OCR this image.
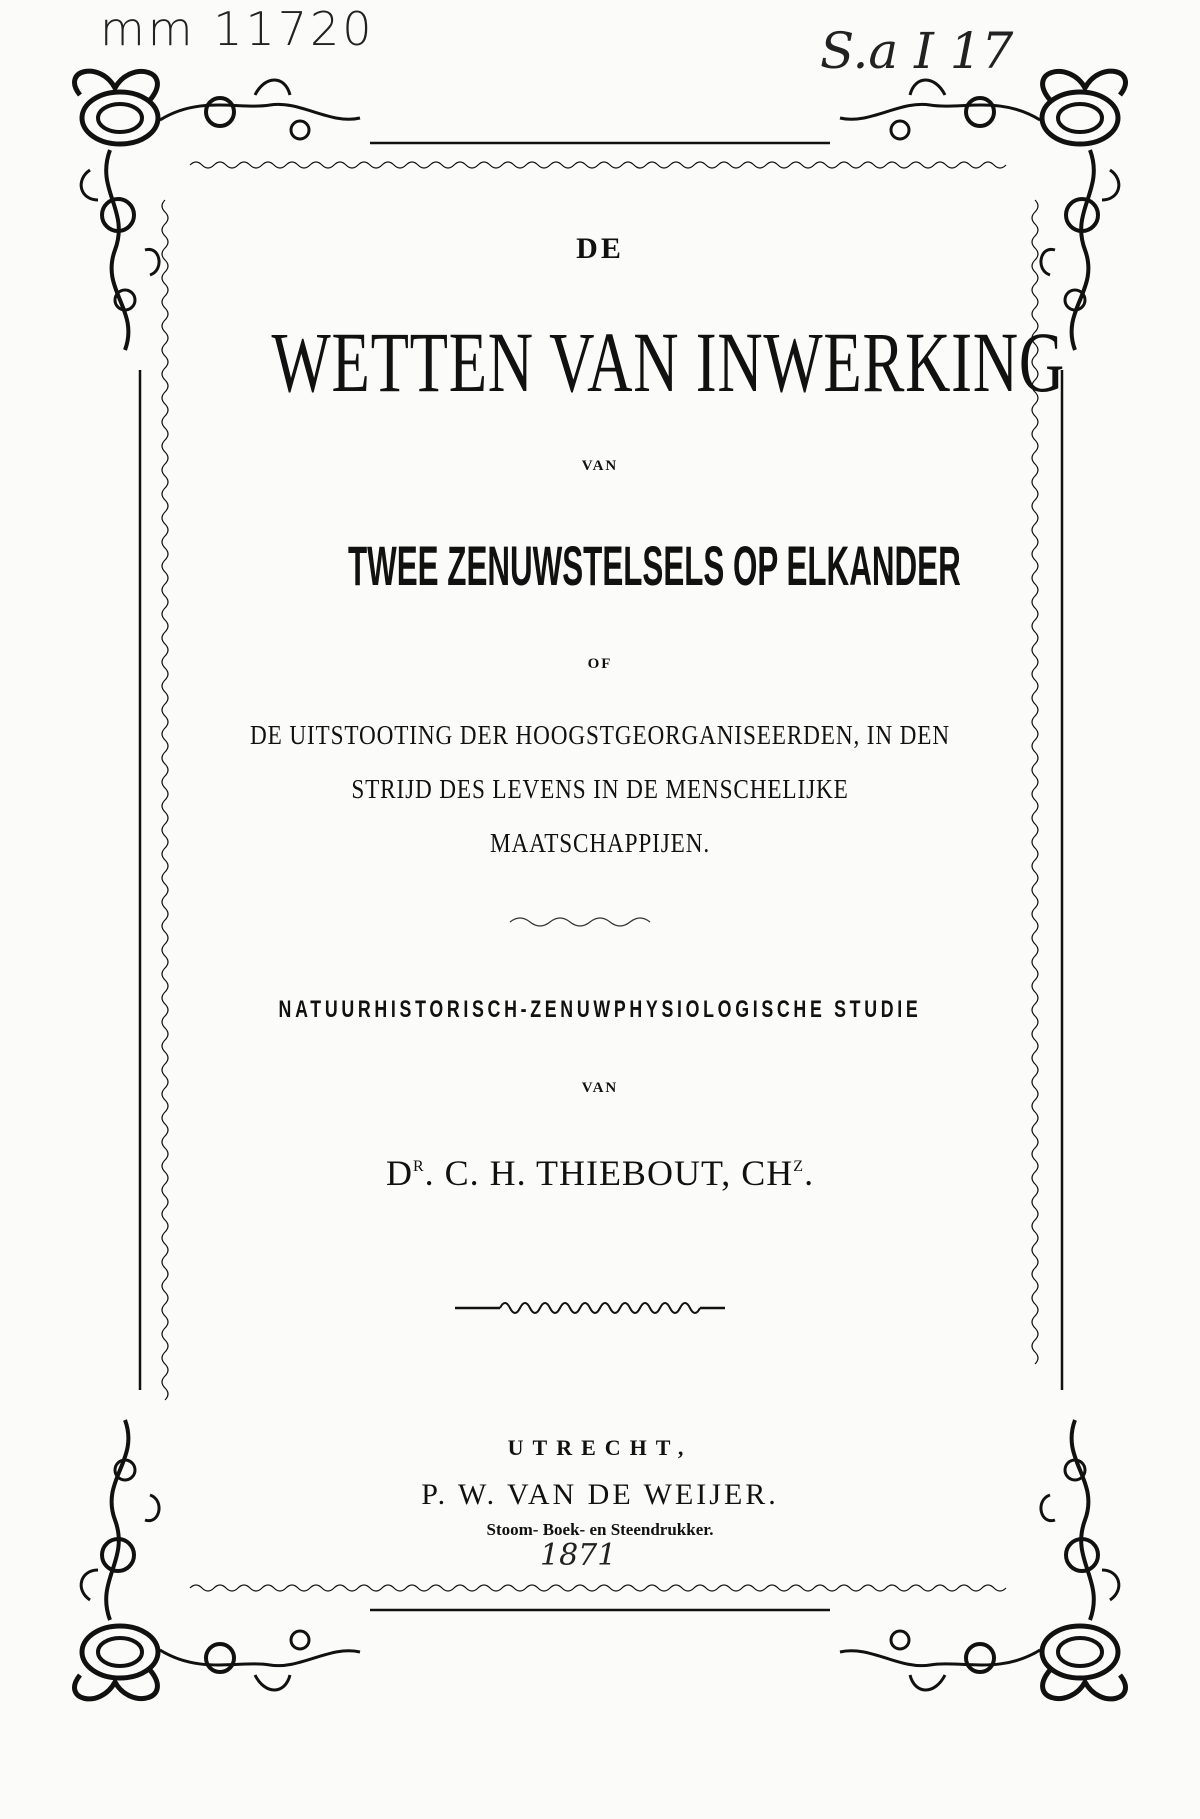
mm 11720	S.a I 17
DE
WETTEN VAN INWERKING
VAN
TWEE ZENUWSTELSELS OP ELKANDER
OF
DE UITSTOOTING DER HOOGSTGEORGANISEERDEN, IN DEN
STRIJD DES LEVENS IN DE MENSCHELIJKE
MAATSCHAPPIJEN.
NATUURHISTORISCH-ZENUWPHYSIOLOGISCHE STUDIE
VAN
$D^R$. C. H. THIEBOUT, $CH^Z$.
UTRECHT,
P. W. VAN DE WEIJER.
Stoom- Boek- en Steendrukker.
1871
